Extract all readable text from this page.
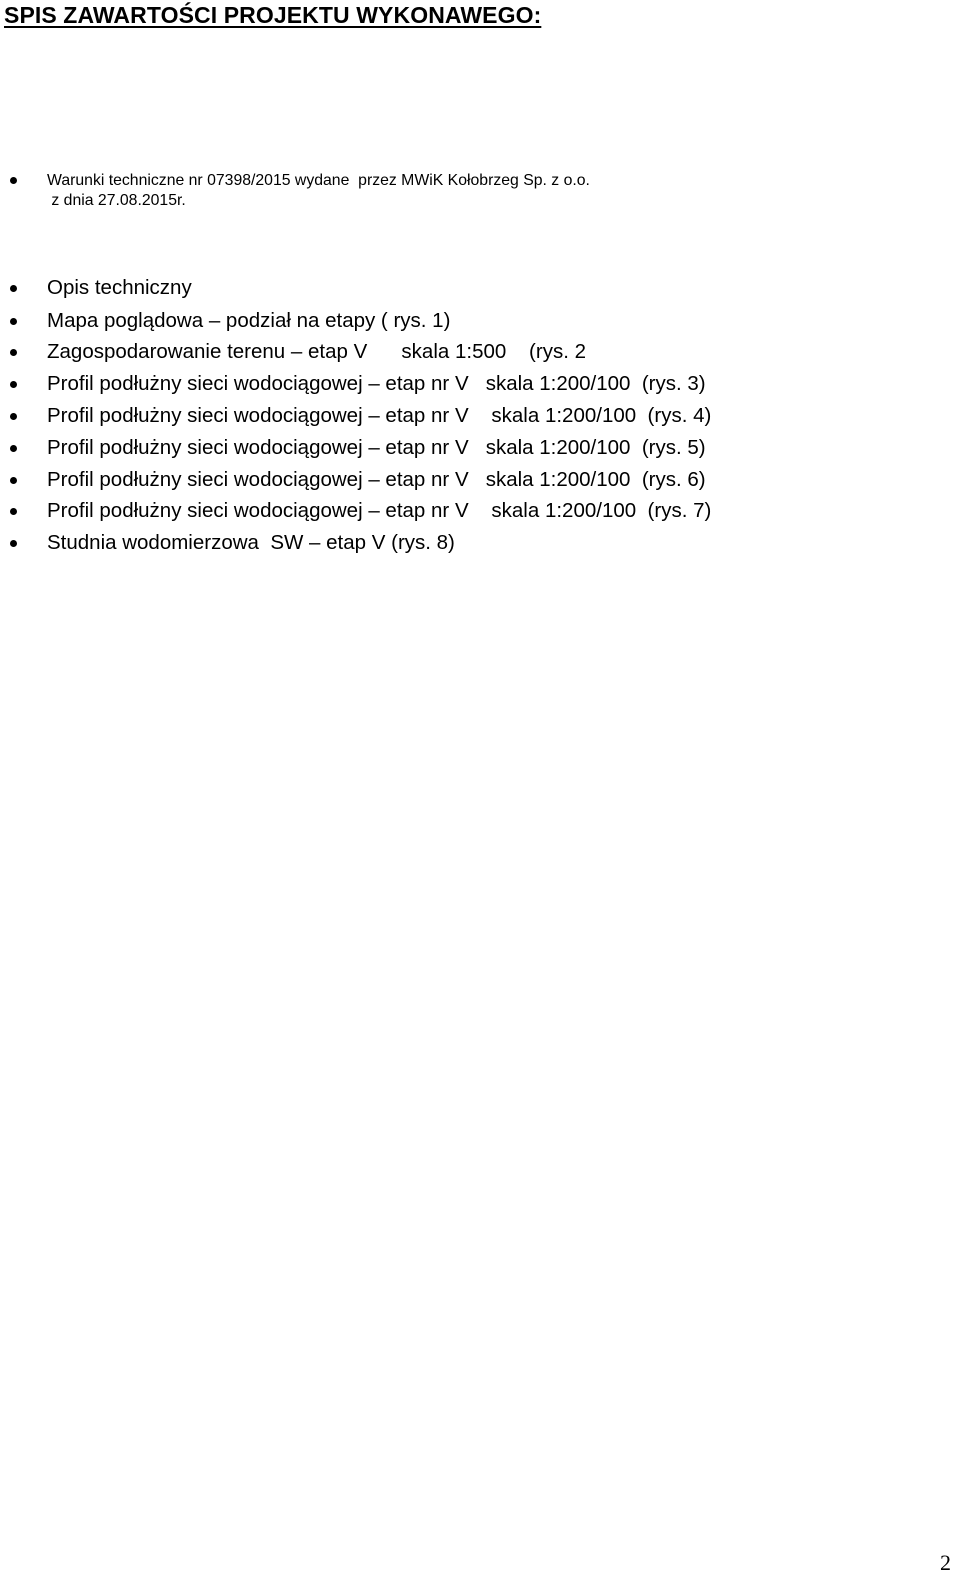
SPIS ZAWARTOŚCI PROJEKTU WYKONAWEGO:
Warunki techniczne nr 07398/2015 wydane  przez MWiK Kołobrzeg Sp. z o.o.
z dnia 27.08.2015r.
Opis techniczny
Mapa poglądowa – podział na etapy ( rys. 1)
Zagospodarowanie terenu – etap V      skala 1:500    (rys. 2
Profil podłużny sieci wodociągowej – etap nr V   skala 1:200/100  (rys. 3)
Profil podłużny sieci wodociągowej – etap nr V    skala 1:200/100  (rys. 4)
Profil podłużny sieci wodociągowej – etap nr V   skala 1:200/100  (rys. 5)
Profil podłużny sieci wodociągowej – etap nr V   skala 1:200/100  (rys. 6)
Profil podłużny sieci wodociągowej – etap nr V    skala 1:200/100  (rys. 7)
Studnia wodomierzowa  SW – etap V (rys. 8)
2
